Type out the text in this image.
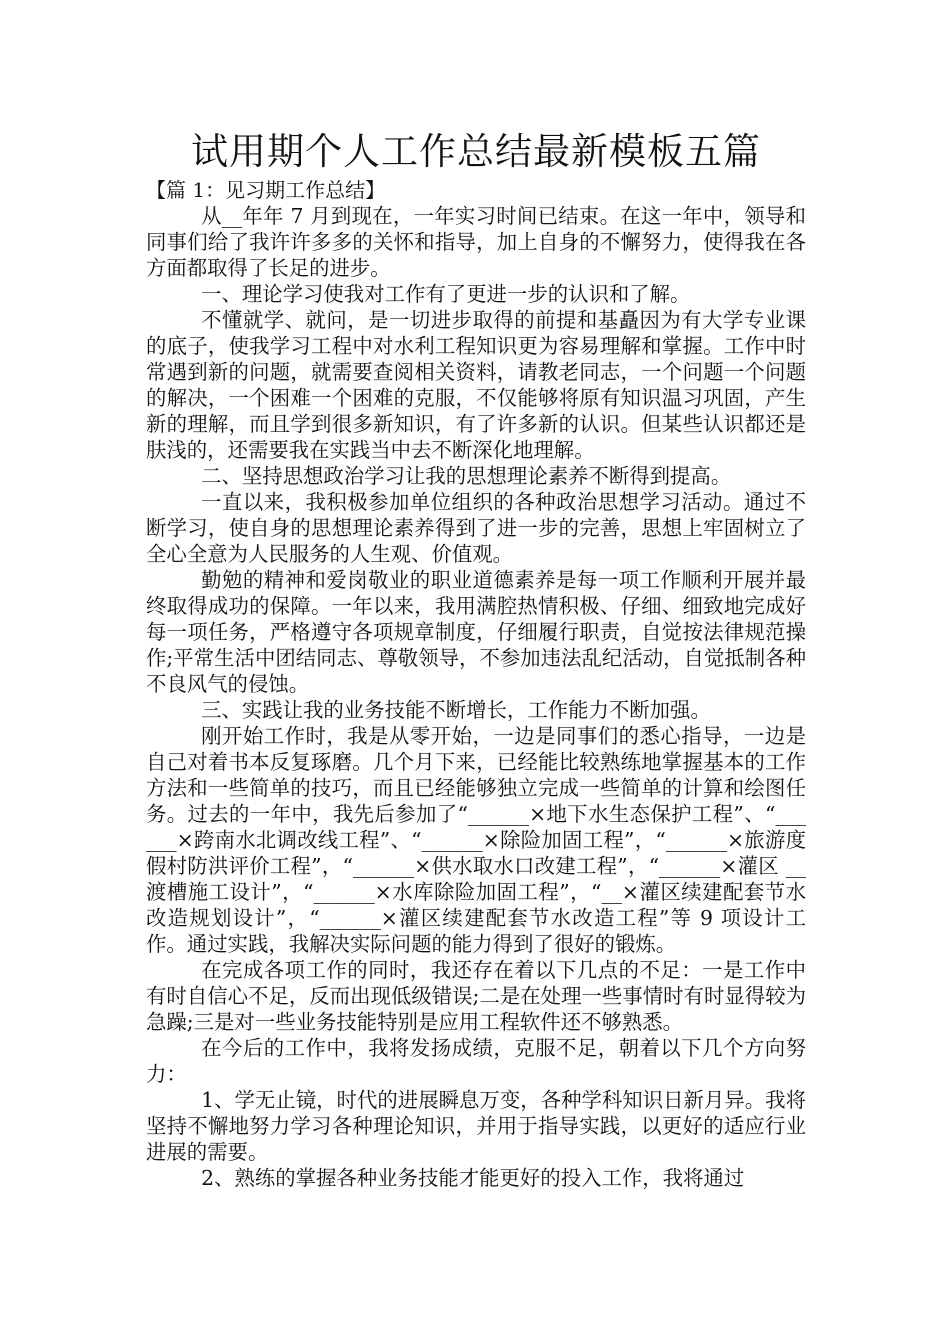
试用期个人工作总结最新模板五篇
【篇 1：见习期工作总结】

从__年年 7 月到现在，一年实习时间已结束。在这一年中，领导和同事们给了我许许多多的关怀和指导，加上自身的不懈努力，使得我在各方面都取得了长足的进步。

一、理论学习使我对工作有了更进一步的认识和了解。

不懂就学、就问，是一切进步取得的前提和基矗因为有大学专业课的底子，使我学习工程中对水利工程知识更为容易理解和掌握。工作中时常遇到新的问题，就需要查阅相关资料，请教老同志，一个问题一个问题的解决，一个困难一个困难的克服，不仅能够将原有知识温习巩固，产生新的理解，而且学到很多新知识，有了许多新的认识。但某些认识都还是肤浅的，还需要我在实践当中去不断深化地理解。

二、坚持思想政治学习让我的思想理论素养不断得到提高。

一直以来，我积极参加单位组织的各种政治思想学习活动。通过不断学习，使自身的思想理论素养得到了进一步的完善，思想上牢固树立了全心全意为人民服务的人生观、价值观。

勤勉的精神和爱岗敬业的职业道德素养是每一项工作顺利开展并最终取得成功的保障。一年以来，我用满腔热情积极、仔细、细致地完成好每一项任务，严格遵守各项规章制度，仔细履行职责，自觉按法律规范操作;平常生活中团结同志、尊敬领导，不参加违法乱纪活动，自觉抵制各种不良风气的侵蚀。

三、实践让我的业务技能不断增长，工作能力不断加强。

刚开始工作时，我是从零开始，一边是同事们的悉心指导，一边是自己对着书本反复琢磨。几个月下来，已经能比较熟练地掌握基本的工作方法和一些简单的技巧，而且已经能够独立完成一些简单的计算和绘图任务。过去的一年中，我先后参加了“______×地下水生态保护工程”、“______×跨南水北调改线工程”、“______×除险加固工程”，“______×旅游度假村防洪评价工程”，“______×供水取水口改建工程”，“______×灌区 __渡槽施工设计”，“______×水库除险加固工程”，“__×灌区续建配套节水改造规划设计”，“______×灌区续建配套节水改造工程”等 9 项设计工作。通过实践，我解决实际问题的能力得到了很好的锻炼。

在完成各项工作的同时，我还存在着以下几点的不足：一是工作中有时自信心不足，反而出现低级错误;二是在处理一些事情时有时显得较为急躁;三是对一些业务技能特别是应用工程软件还不够熟悉。

在今后的工作中，我将发扬成绩，克服不足，朝着以下几个方向努力：

1、学无止镜，时代的进展瞬息万变，各种学科知识日新月异。我将坚持不懈地努力学习各种理论知识，并用于指导实践，以更好的适应行业进展的需要。

2、熟练的掌握各种业务技能才能更好的投入工作，我将通过
